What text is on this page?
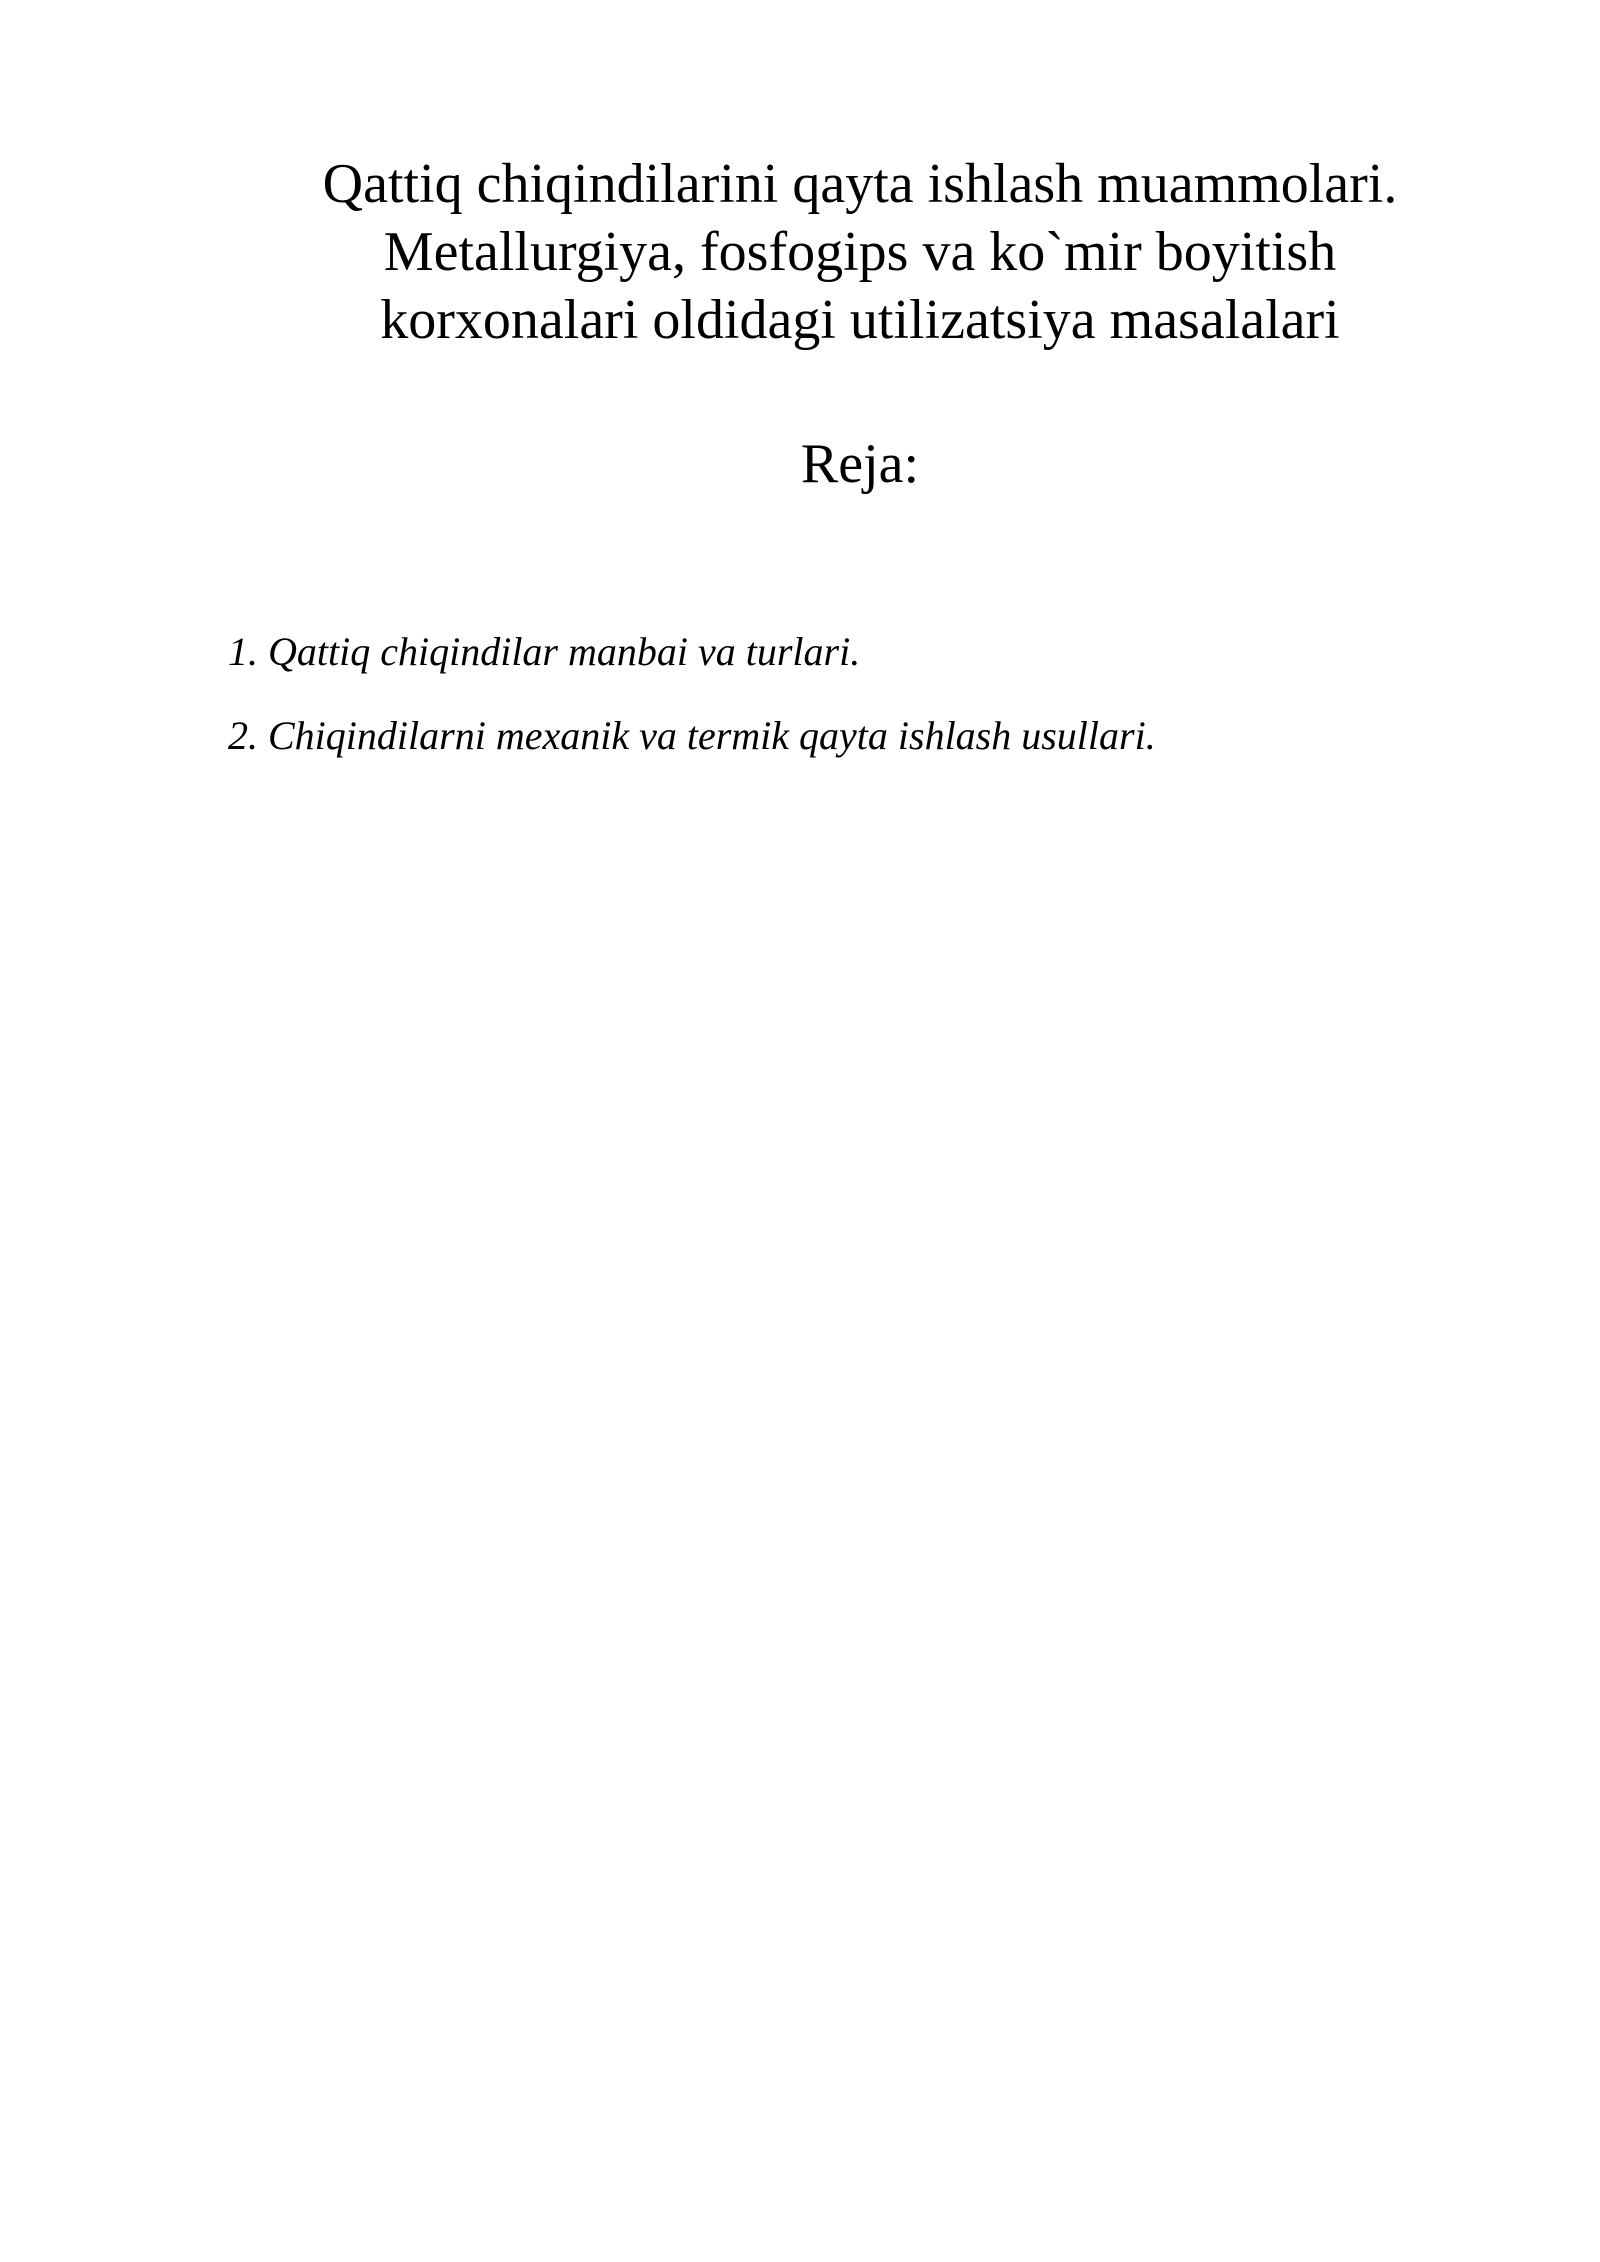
Qattiq chiqindilarini qayta ishlash muammolari.
Metallurgiya, fosfogips va ko`mir boyitish
korxonalari oldidagi utilizatsiya masalalari
Reja:
1. Qattiq chiqindilar manbai va turlari.
2. Chiqindilarni mexanik va termik qayta ishlash usullari.
